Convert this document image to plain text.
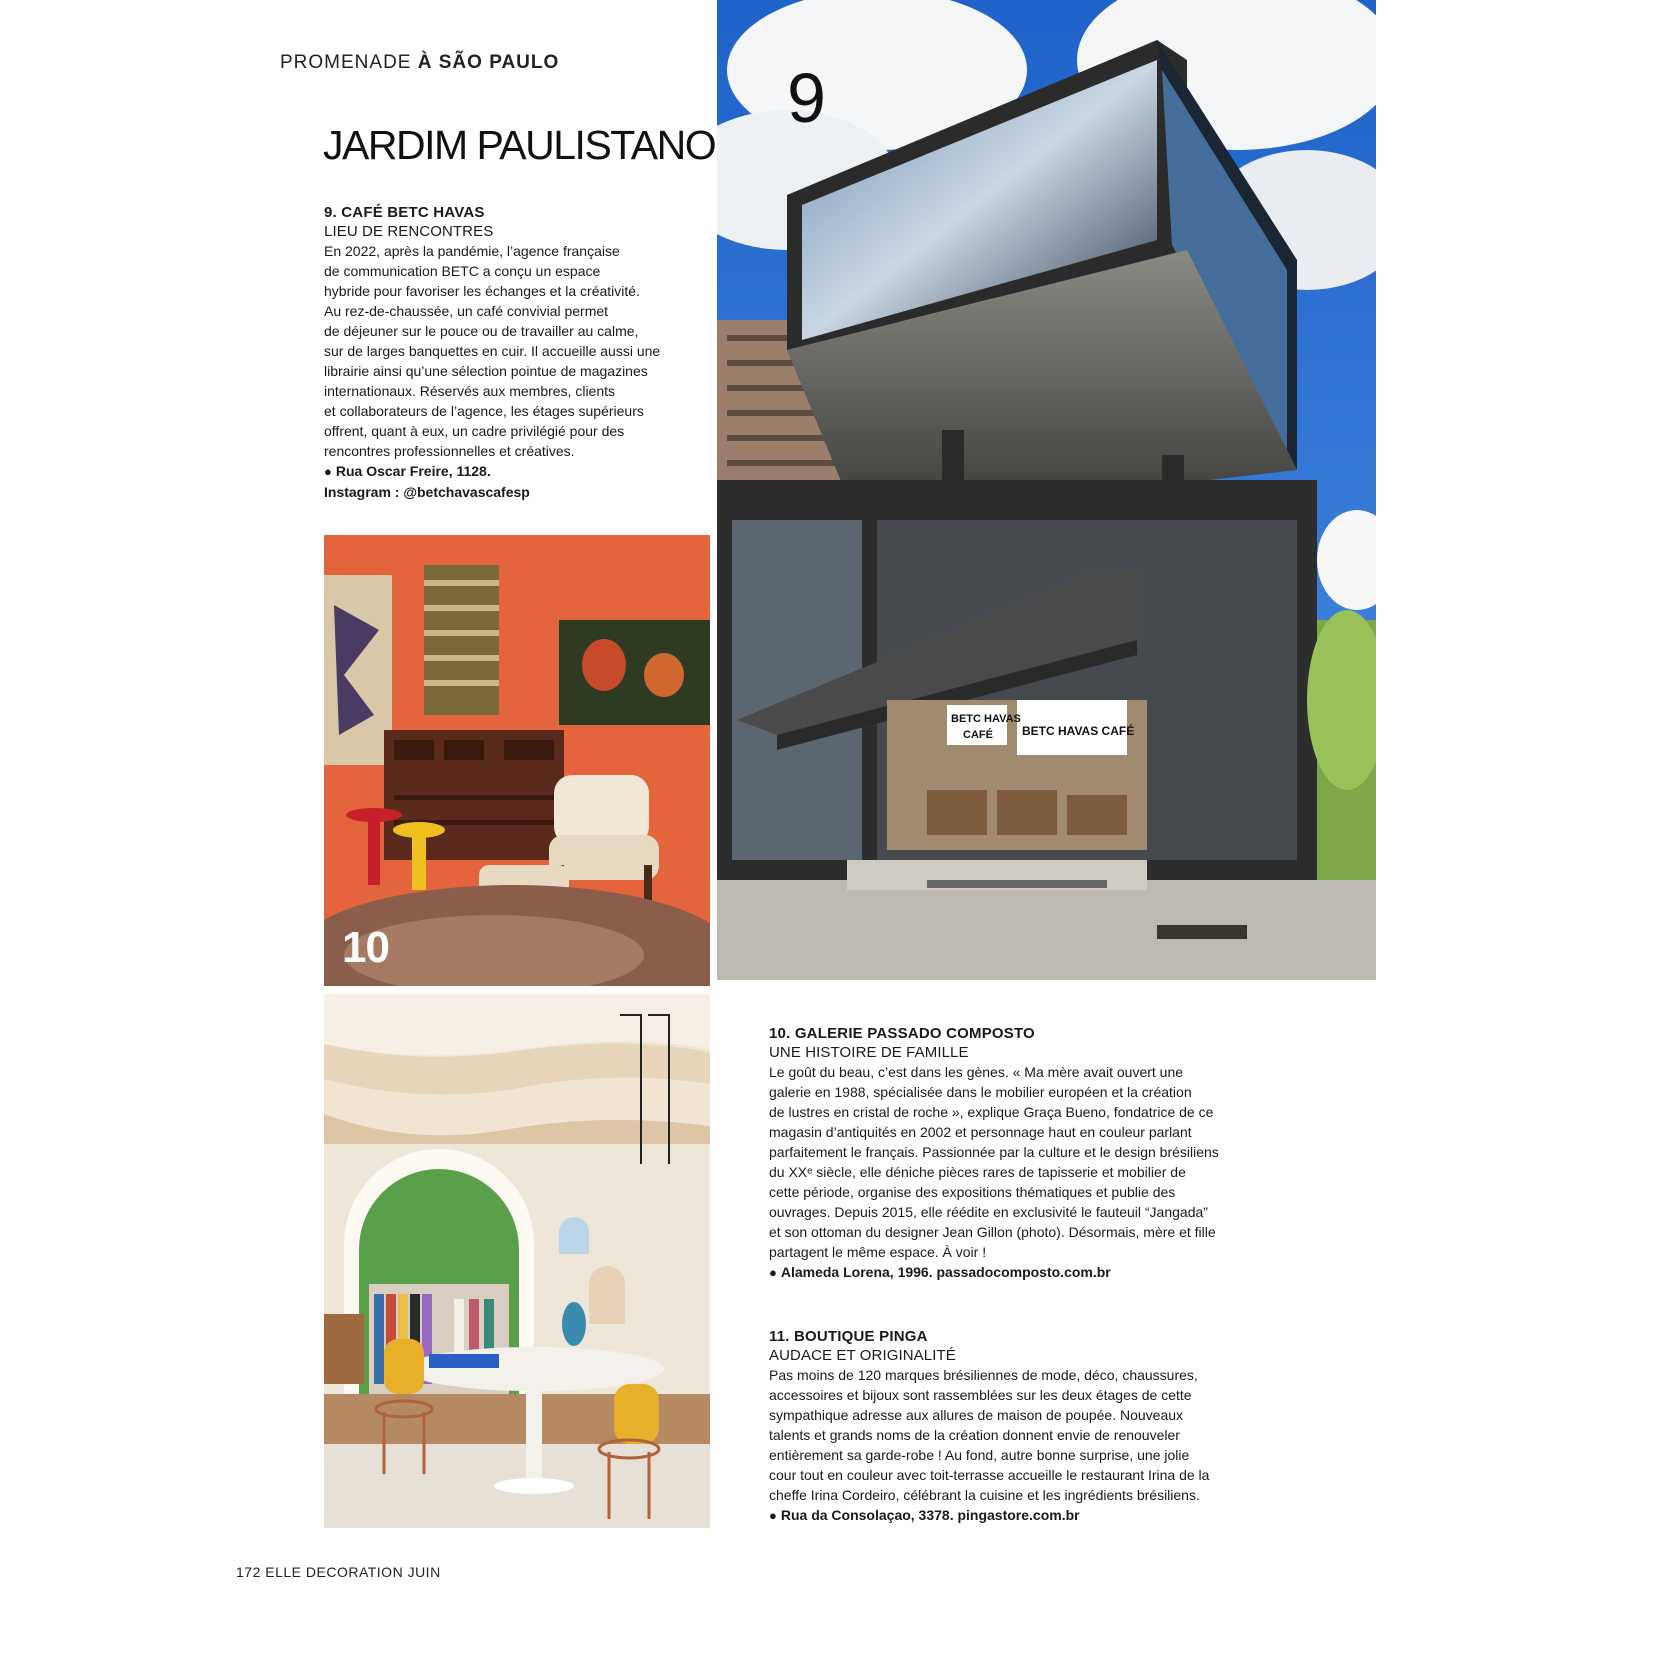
PROMENADE À SÃO PAULO
JARDIM PAULISTANO
9. CAFÉ BETC HAVAS
LIEU DE RENCONTRES
En 2022, après la pandémie, l’agence française
de communication BETC a conçu un espace
hybride pour favoriser les échanges et la créativité.
Au rez-de-chaussée, un café convivial permet
de déjeuner sur le pouce ou de travailler au calme,
sur de larges banquettes en cuir. Il accueille aussi une
librairie ainsi qu’une sélection pointue de magazines
internationaux. Réservés aux membres, clients
et collaborateurs de l’agence, les étages supérieurs
offrent, quant à eux, un cadre privilégié pour des
rencontres professionnelles et créatives.
● Rua Oscar Freire, 1128.
Instagram : @betchavascafesp
10. GALERIE PASSADO COMPOSTO
UNE HISTOIRE DE FAMILLE
Le goût du beau, c’est dans les gènes. « Ma mère avait ouvert une
galerie en 1988, spécialisée dans le mobilier européen et la création
de lustres en cristal de roche », explique Graça Bueno, fondatrice de ce
magasin d’antiquités en 2002 et personnage haut en couleur parlant
parfaitement le français. Passionnée par la culture et le design brésiliens
du XXᵉ siècle, elle déniche pièces rares de tapisserie et mobilier de
cette période, organise des expositions thématiques et publie des
ouvrages. Depuis 2015, elle réédite en exclusivité le fauteuil “Jangada”
et son ottoman du designer Jean Gillon (photo). Désormais, mère et fille
partagent le même espace. À voir !
● Alameda Lorena, 1996. passadocomposto.com.br
11. BOUTIQUE PINGA
AUDACE ET ORIGINALITÉ
Pas moins de 120 marques brésiliennes de mode, déco, chaussures,
accessoires et bijoux sont rassemblées sur les deux étages de cette
sympathique adresse aux allures de maison de poupée. Nouveaux
talents et grands noms de la création donnent envie de renouveler
entièrement sa garde-robe ! Au fond, autre bonne surprise, une jolie
cour tout en couleur avec toit-terrasse accueille le restaurant Irina de la
cheffe Irina Cordeiro, célébrant la cuisine et les ingrédients brésiliens.
● Rua da Consolaçao, 3378. pingastore.com.br
BETC HAVAS
CAFÉ BETC HAVAS CAFÉ
9
10
172 ELLE DECORATION JUIN
